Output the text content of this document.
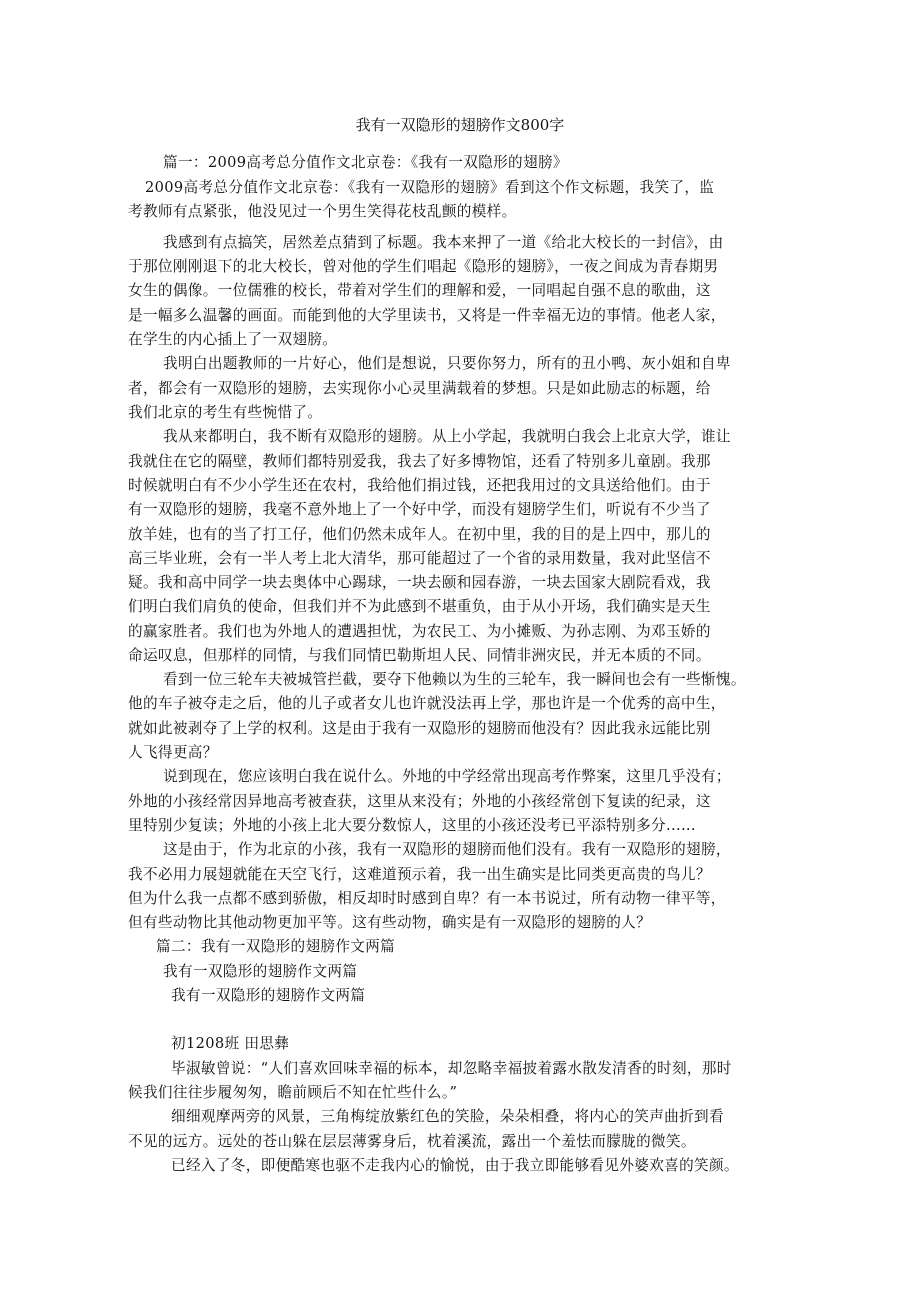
我有一双隐形的翅膀作文800字
篇一：2009高考总分值作文北京卷：《我有一双隐形的翅膀》
2009高考总分值作文北京卷：《我有一双隐形的翅膀》看到这个作文标题，我笑了，监
考教师有点紧张，他没见过一个男生笑得花枝乱颤的模样。
我感到有点搞笑，居然差点猜到了标题。我本来押了一道《给北大校长的一封信》，由
于那位刚刚退下的北大校长，曾对他的学生们唱起《隐形的翅膀》，一夜之间成为青春期男
女生的偶像。一位儒雅的校长，带着对学生们的理解和爱，一同唱起自强不息的歌曲，这
是一幅多么温馨的画面。而能到他的大学里读书，又将是一件幸福无边的事情。他老人家，
在学生的内心插上了一双翅膀。
我明白出题教师的一片好心，他们是想说，只要你努力，所有的丑小鸭、灰小姐和自卑
者，都会有一双隐形的翅膀，去实现你小心灵里满载着的梦想。只是如此励志的标题，给
我们北京的考生有些惋惜了。
我从来都明白，我不断有双隐形的翅膀。从上小学起，我就明白我会上北京大学，谁让
我就住在它的隔壁，教师们都特别爱我，我去了好多博物馆，还看了特别多儿童剧。我那
时候就明白有不少小学生还在农村，我给他们捐过钱，还把我用过的文具送给他们。由于
有一双隐形的翅膀，我毫不意外地上了一个好中学，而没有翅膀学生们，听说有不少当了
放羊娃，也有的当了打工仔，他们仍然未成年人。在初中里，我的目的是上四中，那儿的
高三毕业班，会有一半人考上北大清华，那可能超过了一个省的录用数量，我对此坚信不
疑。我和高中同学一块去奥体中心踢球，一块去颐和园春游，一块去国家大剧院看戏，我
们明白我们肩负的使命，但我们并不为此感到不堪重负，由于从小开场，我们确实是天生
的赢家胜者。我们也为外地人的遭遇担忧，为农民工、为小摊贩、为孙志刚、为邓玉娇的
命运叹息，但那样的同情，与我们同情巴勒斯坦人民、同情非洲灾民，并无本质的不同。
看到一位三轮车夫被城管拦截，要夺下他赖以为生的三轮车，我一瞬间也会有一些惭愧。
他的车子被夺走之后，他的儿子或者女儿也许就没法再上学，那也许是一个优秀的高中生，
就如此被剥夺了上学的权利。这是由于我有一双隐形的翅膀而他没有？因此我永远能比别
人飞得更高？
说到现在，您应该明白我在说什么。外地的中学经常出现高考作弊案，这里几乎没有；
外地的小孩经常因异地高考被查获，这里从来没有；外地的小孩经常创下复读的纪录，这
里特别少复读；外地的小孩上北大要分数惊人，这里的小孩还没考已平添特别多分......
这是由于，作为北京的小孩，我有一双隐形的翅膀而他们没有。我有一双隐形的翅膀，
我不必用力展翅就能在天空飞行，这难道预示着，我一出生确实是比同类更高贵的鸟儿？
但为什么我一点都不感到骄傲，相反却时时感到自卑？有一本书说过，所有动物一律平等，
但有些动物比其他动物更加平等。这有些动物，确实是有一双隐形的翅膀的人？
篇二：我有一双隐形的翅膀作文两篇
我有一双隐形的翅膀作文两篇
我有一双隐形的翅膀作文两篇
初1208班 田思彝
毕淑敏曾说：“人们喜欢回味幸福的标本，却忽略幸福披着露水散发清香的时刻，那时
候我们往往步履匆匆，瞻前顾后不知在忙些什么。”
细细观摩两旁的风景，三角梅绽放紫红色的笑脸，朵朵相叠，将内心的笑声曲折到看
不见的远方。远处的苍山躲在层层薄雾身后，枕着溪流，露出一个羞怯而朦胧的微笑。
已经入了冬，即便酷寒也驱不走我内心的愉悦，由于我立即能够看见外婆欢喜的笑颜。
